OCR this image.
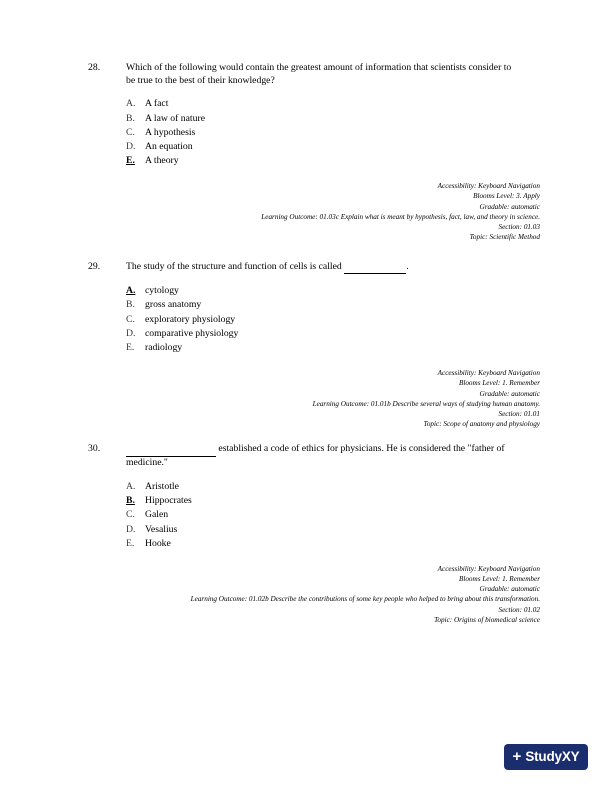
28.	Which of the following would contain the greatest amount of information that scientists consider to be true to the best of their knowledge?
A. A fact
B.	A law of nature
C.	A hypothesis
D. An equation
E.	A theory
Accessibility: Keyboard Navigation
Blooms Level: 3. Apply
Gradable: automatic
Learning Outcome: 01.03c Explain what is meant by hypothesis, fact, law, and theory in science.
Section: 01.03
Topic: Scientific Method
29.	The study of the structure and function of cells is called	.
A. cytology
B.	gross anatomy
C.	exploratory physiology
D. comparative physiology
E.	radiology
Accessibility: Keyboard Navigation
Blooms Level: 1. Remember
Gradable: automatic
Learning Outcome: 01.01b Describe several ways of studying human anatomy.
Section: 01.01
Topic: Scope of anatomy and physiology
30.	established a code of ethics for physicians. He is considered the "father of medicine."
A. Aristotle
B.	Hippocrates
C.	Galen
D. Vesalius
E.	Hooke
Accessibility: Keyboard Navigation
Blooms Level: 1. Remember
Gradable: automatic
Learning Outcome: 01.02b Describe the contributions of some key people who helped to bring about this transformation.
Section: 01.02
Topic: Origins of biomedical science
+ StudyXY
